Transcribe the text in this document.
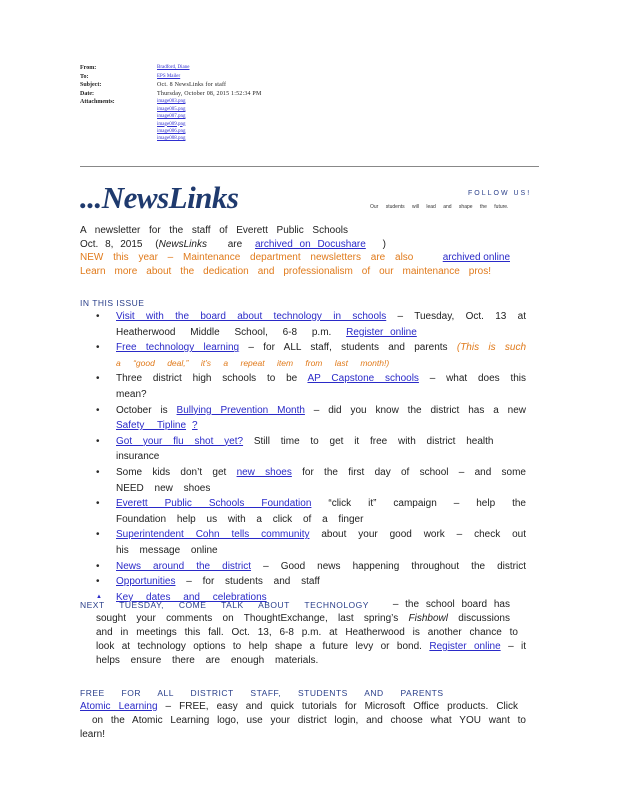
From:	Bradford, Diane
To:	EPS Mailer
Subject:	Oct. 8 NewsLinks for staff
Date:	Thursday, October 08, 2015 1:52:34 PM
Attachments:	image003.png
image005.png
image007.png
image009.png
image006.png
image008.png
...NewsLinks	FOLLOW US!
Our students will lead and shape the future.
A newsletter for the staff of Everett Public Schools
Oct. 8, 2015 (NewsLinks are archived on Docushare )
NEW this year – Maintenance department newsletters are also	archived online
Learn more about the dedication and professionalism of our maintenance pros!
IN THIS ISSUE
• Visit with the board about technology in schools – Tuesday, Oct. 13 at
Heatherwood Middle School, 6-8 p.m. Register online
• Free technology learning – for ALL staff, students and parents (This is such
a “good deal,” it’s a repeat item from last month!)
• Three district high schools to be AP Capstone schools – what does this
mean?
• October is Bullying Prevention Month – did you know the district has a new
Safety Tipline ?
• Got your flu shot yet? Still time to get it free with district health insurance
• Some kids don’t get new shoes for the first day of school – and some
NEED new shoes
• Everett Public Schools Foundation “click it” campaign – help the
Foundation help us with a click of a finger
• Superintendent Cohn tells community about your good work – check out
his message online
• News around the district – Good news happening throughout the district
• Opportunities – for students and staff
▲ Key dates and celebrations
NEXT TUESDAY, COME TALK ABOUT TECHNOLOGY – the school board has
sought your comments on ThoughtExchange, last spring’s Fishbowl discussions
and in meetings this fall. Oct. 13, 6-8 p.m. at Heatherwood is another chance to
look at technology options to help shape a future levy or bond. Register online – it
helps ensure there are enough materials.
FREE FOR ALL DISTRICT STAFF, STUDENTS AND PARENTS
Atomic Learning – FREE, easy and quick tutorials for Microsoft Office products. Click
on the Atomic Learning logo, use your district login, and choose what YOU want to
learn!
